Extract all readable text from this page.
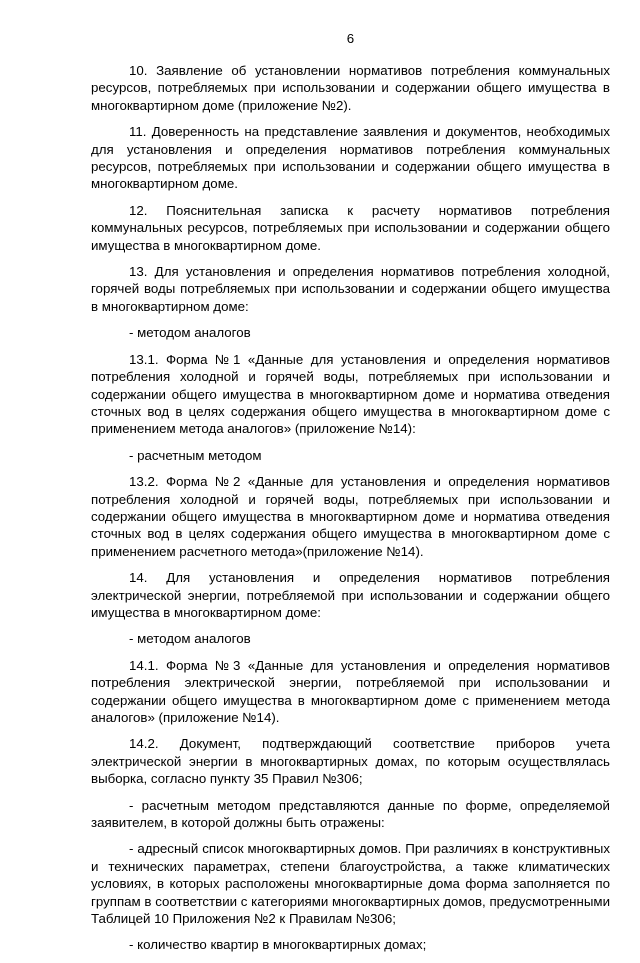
6

10. Заявление об установлении нормативов потребления коммунальных ресурсов, потребляемых при использовании и содержании общего имущества в многоквартирном доме (приложение №2).

11. Доверенность на представление заявления и документов, необходимых для установления и определения нормативов потребления коммунальных ресурсов, потребляемых при использовании и содержании общего имущества в многоквартирном доме.

12. Пояснительная записка к расчету нормативов потребления коммунальных ресурсов, потребляемых при использовании и содержании общего имущества в многоквартирном доме.

13. Для установления и определения нормативов потребления холодной, горячей воды потребляемых при использовании и содержании общего имущества в многоквартирном доме:

- методом аналогов

13.1. Форма №1 «Данные для установления и определения нормативов потребления холодной и горячей воды, потребляемых при использовании и содержании общего имущества в многоквартирном доме и норматива отведения сточных вод в целях содержания общего имущества в многоквартирном доме с применением метода аналогов» (приложение №14):

- расчетным методом

13.2. Форма №2 «Данные для установления и определения нормативов потребления холодной и горячей воды, потребляемых при использовании и содержании общего имущества в многоквартирном доме и норматива отведения сточных вод в целях содержания общего имущества в многоквартирном доме с применением расчетного метода»(приложение №14).

14. Для установления и определения нормативов потребления электрической энергии, потребляемой при использовании и содержании общего имущества в многоквартирном доме:

- методом аналогов

14.1. Форма №3 «Данные для установления и определения нормативов потребления электрической энергии, потребляемой при использовании и содержании общего имущества в многоквартирном доме с применением метода аналогов» (приложение №14).

14.2. Документ, подтверждающий соответствие приборов учета электрической энергии в многоквартирных домах, по которым осуществлялась выборка, согласно пункту 35 Правил №306;

- расчетным методом представляются данные по форме, определяемой заявителем, в которой должны быть отражены:

- адресный список многоквартирных домов. При различиях в конструктивных и технических параметрах, степени благоустройства, а также климатических условиях, в которых расположены многоквартирные дома форма заполняется по группам в соответствии с категориями многоквартирных домов, предусмотренными Таблицей 10 Приложения №2 к Правилам №306;

- количество квартир в многоквартирных домах;
